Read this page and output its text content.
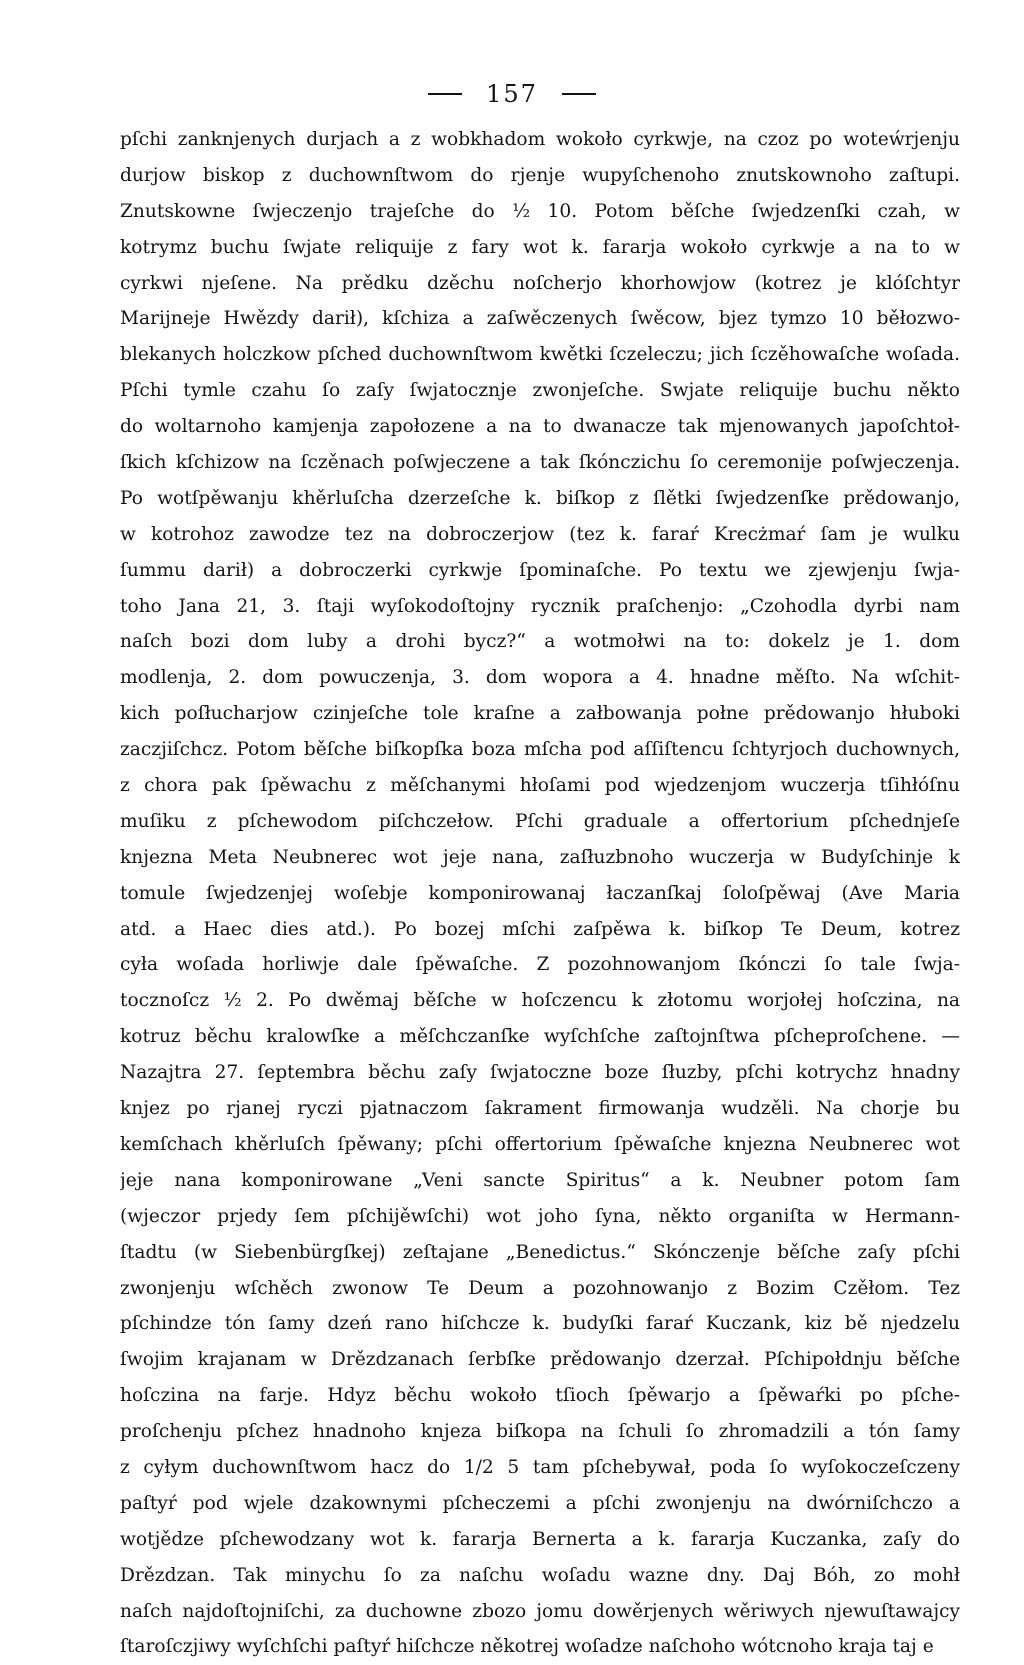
157
pſchi zanknjenych durjach a z wobkhadom wokoło cyrkwje, na czoz po woteẃrjenju
durjow biskop z duchownſtwom do rjenje wupyſchenoho znutskownoho zaſtupi.
Znutskowne ſwjeczenjo trajeſche do ½ 10. Potom běſche ſwjedzenſki czah, w
kotrymz buchu ſwjate reliquije z fary wot k. fararja wokoło cyrkwje a na to w
cyrkwi njeſene. Na prědku dzěchu noſcherjo khorhowjow (kotrez je klóſchtyr
Marijneje Hwězdy darił), kſchiza a zaſwěczenych ſwěcow, bjez tymzo 10 běłozwo-
blekanych holczkow pſched duchownſtwom kwětki ſczeleczu; jich ſczěhowaſche woſada.
Pſchi tymle czahu ſo zaſy ſwjatocznje zwonjeſche. Swjate reliquije buchu někto
do woltarnoho kamjenja zapołozene a na to dwanacze tak mjenowanych japoſchtoł-
ſkich kſchizow na ſczěnach poſwjeczene a tak ſkónczichu ſo ceremonije poſwjeczenja.
Po wotſpěwanju khěrluſcha dzerzeſche k. biſkop z ſlětki ſwjedzenſke prědowanjo,
w kotrohoz zawodze tez na dobroczerjow (tez k. faraŕ Krecżmaŕ ſam je wulku
ſummu darił) a dobroczerki cyrkwje ſpominaſche. Po textu we zjewjenju ſwja-
toho Jana 21, 3. ſtaji wyſokodoſtojny rycznik praſchenjo: „Czohodla dyrbi nam
naſch bozi dom luby a drohi bycz?“ a wotmołwi na to: dokelz je 1. dom
modlenja, 2. dom powuczenja, 3. dom wopora a 4. hnadne měſto. Na wſchit-
kich poſłucharjow czinjeſche tole kraſne a załbowanja połne prědowanjo hłuboki
zaczjiſchcz. Potom běſche biſkopſka boza mſcha pod aſſiſtencu ſchtyrjoch duchownych,
z chora pak ſpěwachu z měſchanymi hłoſami pod wjedzenjom wuczerja tſihłóſnu
muſiku z pſchewodom piſchczełow. Pſchi graduale a offertorium pſchednjeſe
knjezna Meta Neubnerec wot jeje nana, zaſłuzbnoho wuczerja w Budyſchinje k
tomule ſwjedzenjej woſebje komponirowanaj łaczanſkaj ſoloſpěwaj (Ave Maria
atd. a Haec dies atd.). Po bozej mſchi zaſpěwa k. biſkop Te Deum, kotrez
cyła woſada horliwje dale ſpěwaſche. Z pozohnowanjom ſkónczi ſo tale ſwja-
toczno​ſcz ½ 2. Po dwěmaj běſche w hoſczencu k złotomu worjołej hoſczina, na
kotruz běchu kralowſke a měſchczanſke wyſchſche zaſtojnſtwa pſcheproſchene. —
Nazajtra 27. ſeptembra běchu zaſy ſwjatoczne boze ſłuzby, pſchi kotrychz hnadny
knjez po rjanej ryczi pjatnaczom ſakrament firmowanja wudzěli. Na chorje bu
kemſchach khěrluſch ſpěwany; pſchi offertorium ſpěwaſche knjezna Neubnerec wot
jeje nana komponirowane „Veni sancte Spiritus“ a k. Neubner potom ſam
(wjeczor prjedy ſem pſchijěwſchi) wot joho ſyna, někto organiſta w Hermann-
ſtadtu (w Siebenbürgſkej) zeſtajane „Benedictus.“ Skónczenje běſche zaſy pſchi
zwonjenju wſchěch zwonow Te Deum a pozohnowanjo z Bozim Czěłom. Tez
pſchindze tón ſamy dzeń rano hiſchcze k. budyſki faraŕ Kuczank, kiz bě njedzelu
ſwojim krajanam w Drězdzanach ſerbſke prědowanjo dzerzał. Pſchipołdnju běſche
hoſczina na farje. Hdyz běchu wokoło tſioch ſpěwarjo a ſpěwaŕki po pſche-
proſchenju pſchez hnadnoho knjeza biſkopa na ſchuli ſo zhromadzili a tón ſamy
z cyłym duchownſtwom hacz do 1/2 5 tam pſchebywał, poda ſo wyſokoczeſczeny
paſtyŕ pod wjele dzakownymi pſcheczemi a pſchi zwonjenju na dwórniſchczo a
wotjědze pſchewodzany wot k. fararja Bernerta a k. fararja Kuczanka, zaſy do
Drězdzan. Tak minychu ſo za naſchu woſadu wazne dny. Daj Bóh, zo mohł
naſch najdoſtojniſchi, za duchowne zbozo jomu dowěrjenych wěriwych njewuſtawajcy
ſtaroſczjiwy wyſchſchi paſtyŕ hiſchcze někotrej woſadze naſchoho wótcnoho kraja taj e
